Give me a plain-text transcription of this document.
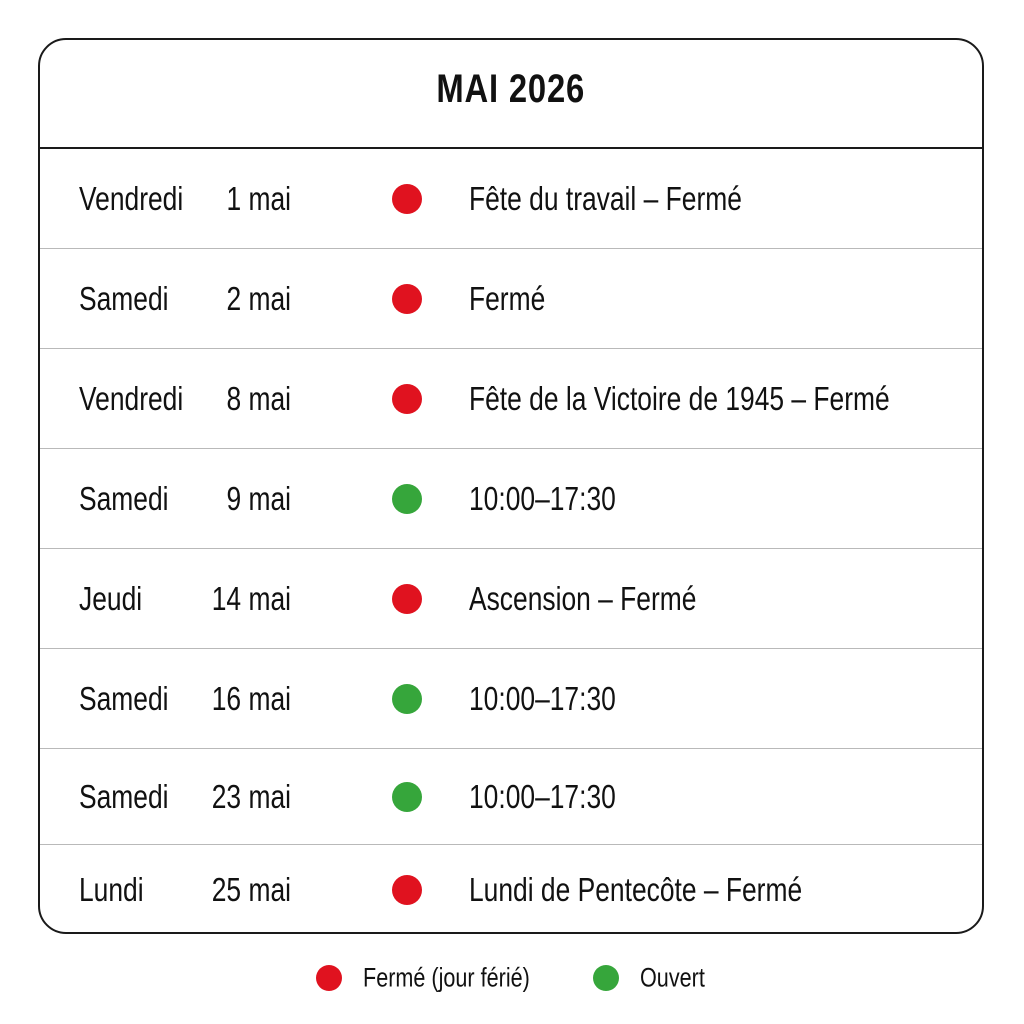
MAI 2026
Vendredi	1 mai	Fête du travail – Fermé
Samedi	2 mai	Fermé
Vendredi	8 mai	Fête de la Victoire de 1945 – Fermé
Samedi	9 mai	10:00–17:30
Jeudi	14 mai	Ascension – Fermé
Samedi	16 mai	10:00–17:30
Samedi	23 mai	10:00–17:30
Lundi	25 mai	Lundi de Pentecôte – Fermé
Fermé (jour férié)	Ouvert
